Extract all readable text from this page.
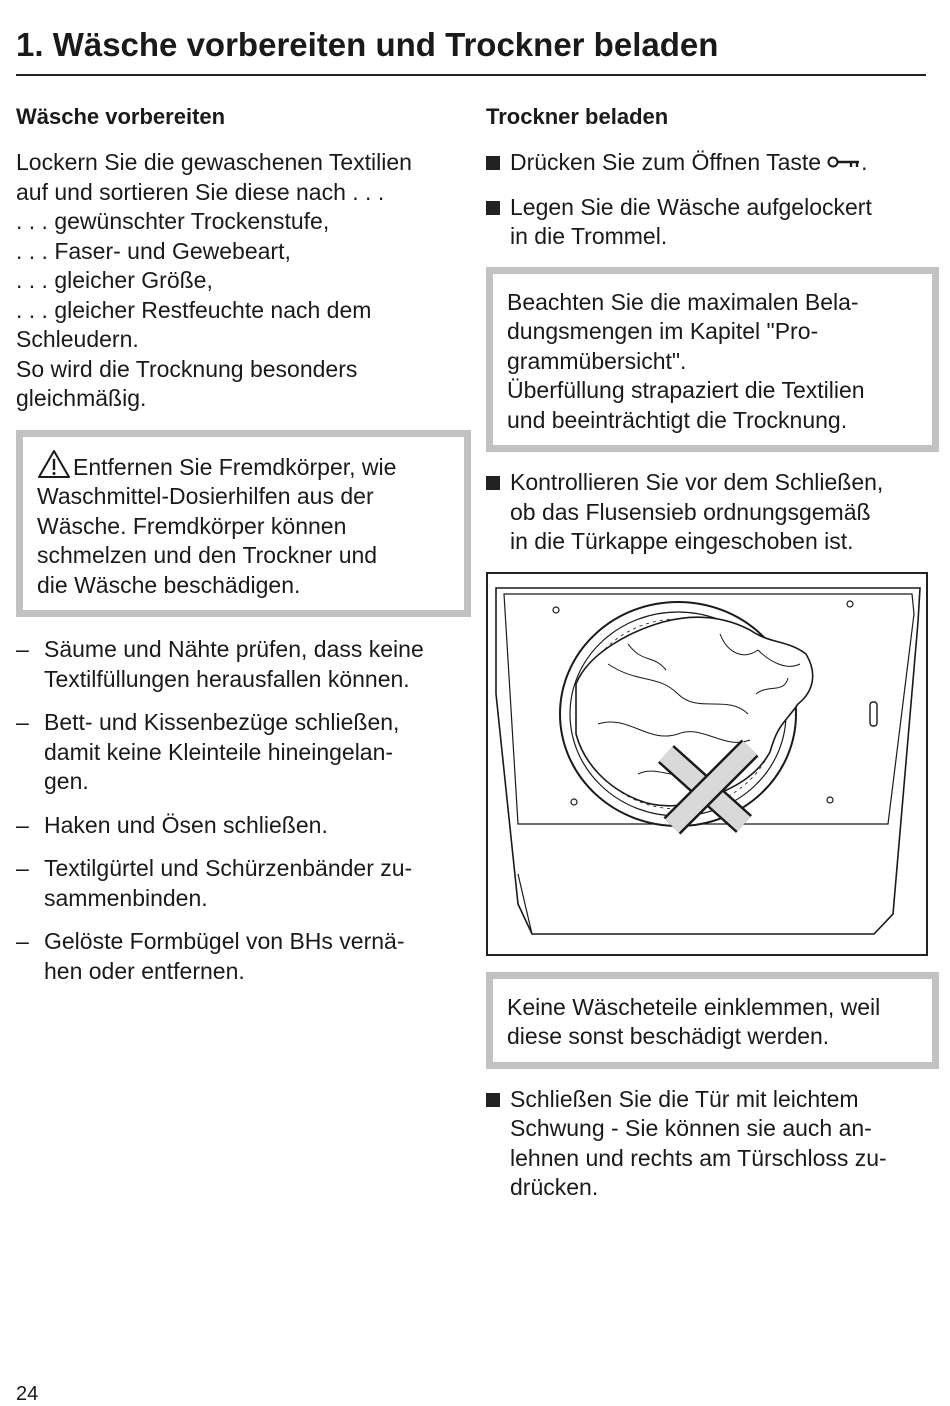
1. Wäsche vorbereiten und Trockner beladen
Wäsche vorbereiten

Lockern Sie die gewaschenen Textilien
auf und sortieren Sie diese nach . . .
. . . gewünschter Trockenstufe,
. . . Faser- und Gewebeart,
. . . gleicher Größe,
. . . gleicher Restfeuchte nach dem
Schleudern.
So wird die Trocknung besonders
gleichmäßig.

Entfernen Sie Fremdkörper, wie
Waschmittel-Dosierhilfen aus der
Wäsche. Fremdkörper können
schmelzen und den Trockner und
die Wäsche beschädigen.

– Säume und Nähte prüfen, dass keine
Textilfüllungen herausfallen können.

– Bett- und Kissenbezüge schließen,
damit keine Kleinteile hineingelan-
gen.

– Haken und Ösen schließen.

– Textilgürtel und Schürzenbänder zu-
sammenbinden.

– Gelöste Formbügel von BHs vernä-
hen oder entfernen.

Trockner beladen

Drücken Sie zum Öffnen Taste .

Legen Sie die Wäsche aufgelockert
in die Trommel.

Beachten Sie die maximalen Bela-
dungsmengen im Kapitel "Pro-
grammübersicht".
Überfüllung strapaziert die Textilien
und beeinträchtigt die Trocknung.

Kontrollieren Sie vor dem Schließen,
ob das Flusensieb ordnungsgemäß
in die Türkappe eingeschoben ist.

Keine Wäscheteile einklemmen, weil
diese sonst beschädigt werden.

Schließen Sie die Tür mit leichtem
Schwung - Sie können sie auch an-
lehnen und rechts am Türschloss zu-
drücken.

24
